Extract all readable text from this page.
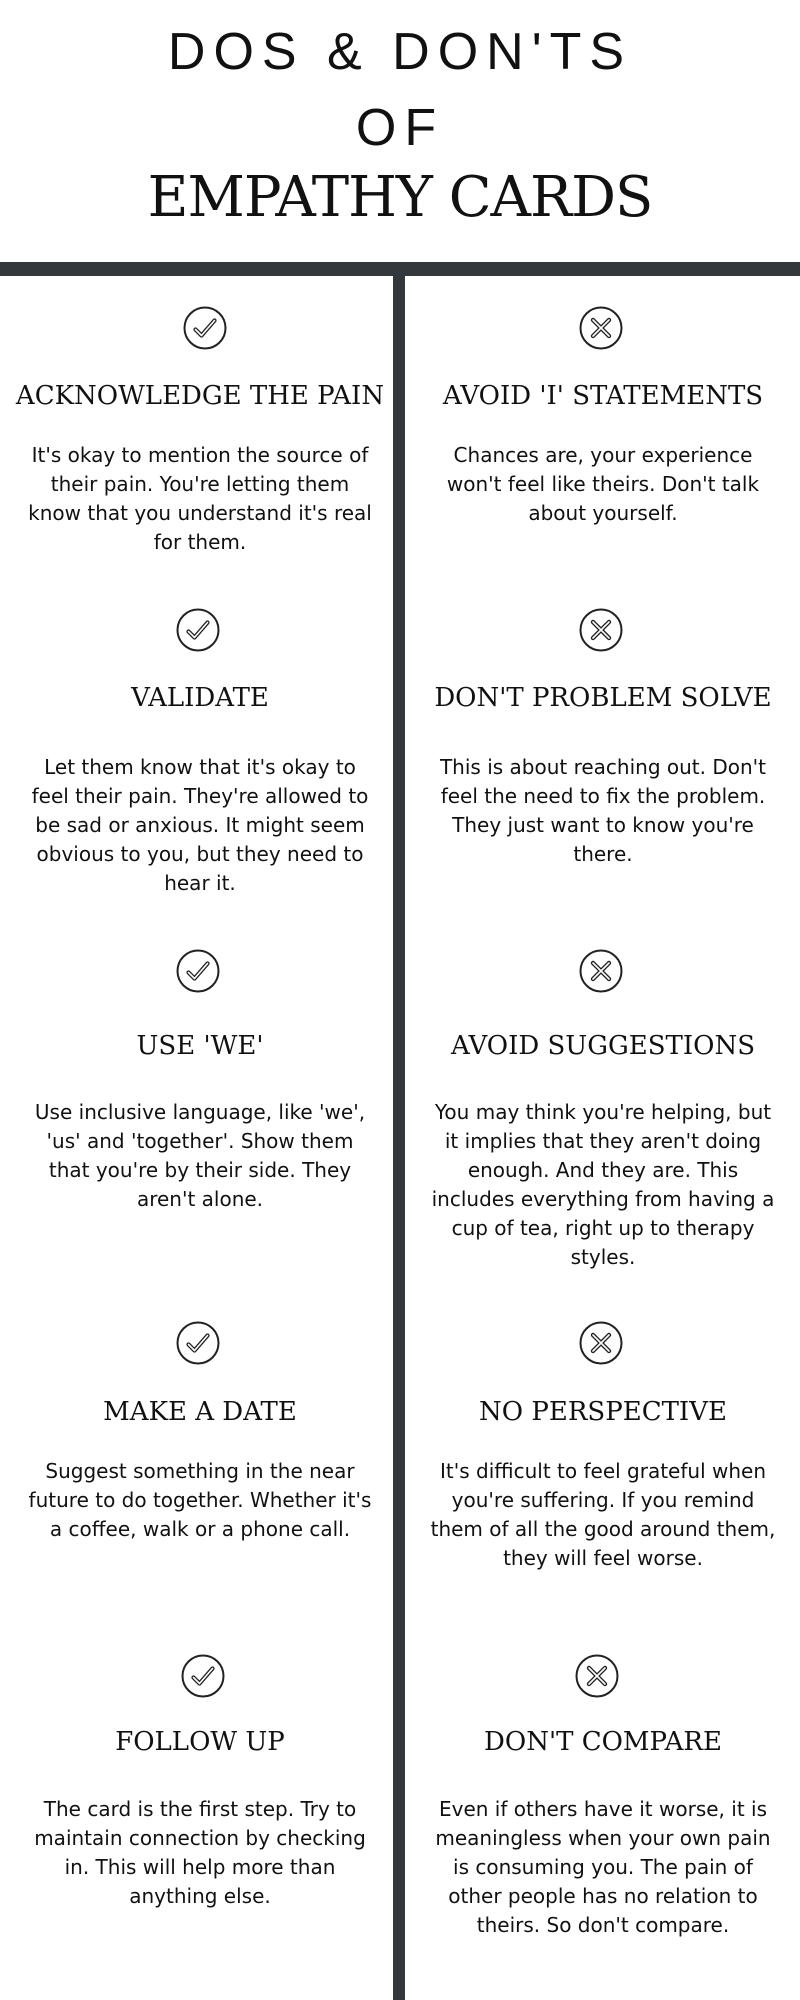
DOS & DON'TS
OF
EMPATHY CARDS
ACKNOWLEDGE THE PAIN
It's okay to mention the source of their pain. You're letting them know that you understand it's real for them.
VALIDATE
Let them know that it's okay to feel their pain. They're allowed to be sad or anxious. It might seem obvious to you, but they need to hear it.
USE 'WE'
Use inclusive language, like 'we', 'us' and 'together'. Show them that you're by their side. They aren't alone.
MAKE A DATE
Suggest something in the near future to do together. Whether it's a coffee, walk or a phone call.
FOLLOW UP
The card is the first step. Try to maintain connection by checking in. This will help more than anything else.
AVOID 'I' STATEMENTS
Chances are, your experience won't feel like theirs. Don't talk about yourself.
DON'T PROBLEM SOLVE
This is about reaching out. Don't feel the need to fix the problem. They just want to know you're there.
AVOID SUGGESTIONS
You may think you're helping, but it implies that they aren't doing enough. And they are. This includes everything from having a cup of tea, right up to therapy styles.
NO PERSPECTIVE
It's difficult to feel grateful when you're suffering. If you remind them of all the good around them, they will feel worse.
DON'T COMPARE
Even if others have it worse, it is meaningless when your own pain is consuming you. The pain of other people has no relation to theirs. So don't compare.
